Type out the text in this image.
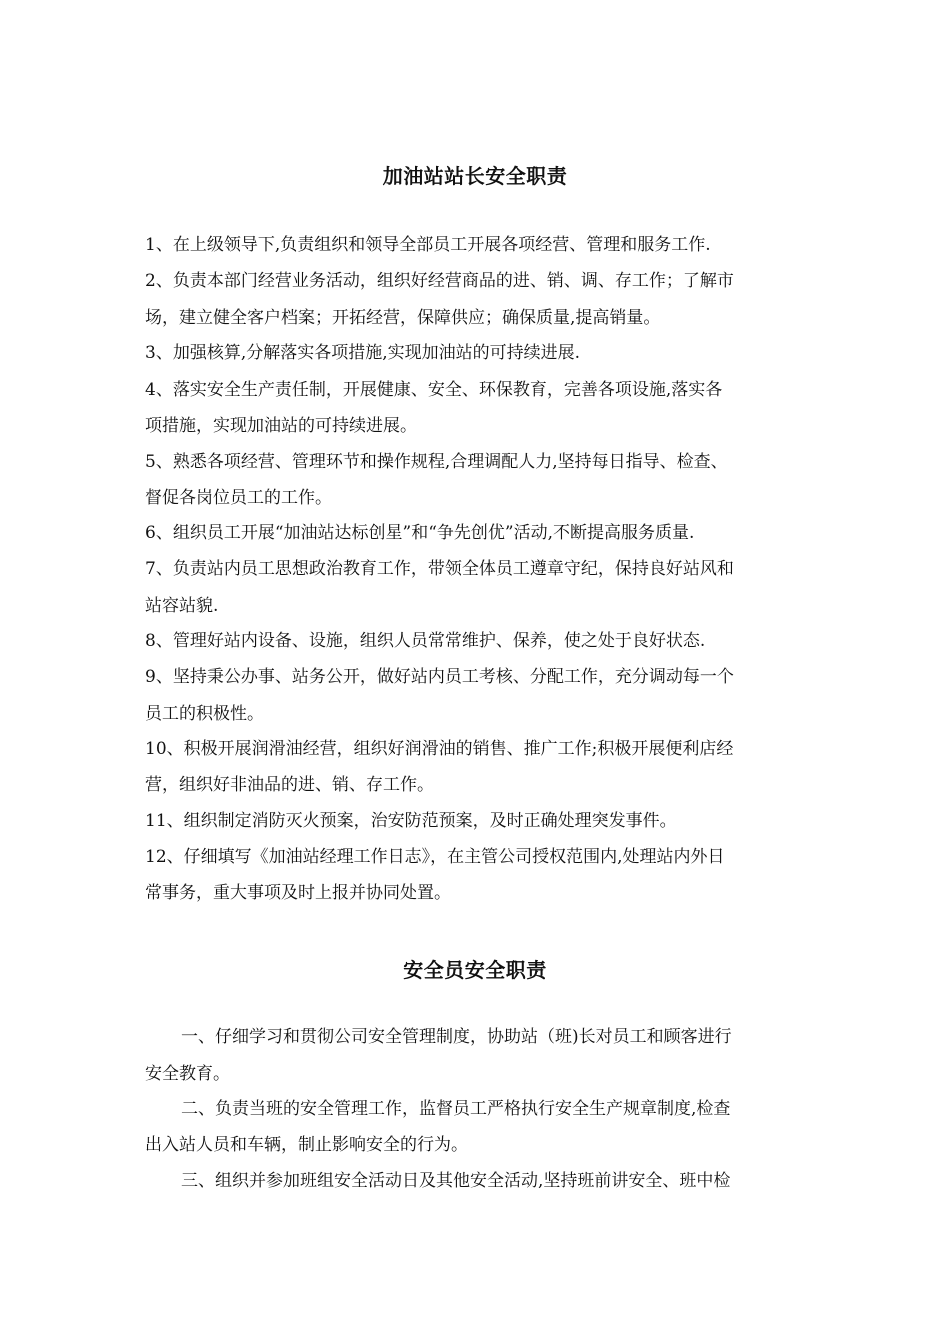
加油站站长安全职责
1、在上级领导下,负责组织和领导全部员工开展各项经营、管理和服务工作.
2、负责本部门经营业务活动，组织好经营商品的进、销、调、存工作；了解市
场，建立健全客户档案；开拓经营，保障供应；确保质量,提高销量。
3、加强核算,分解落实各项措施,实现加油站的可持续进展.
4、落实安全生产责任制，开展健康、安全、环保教育，完善各项设施,落实各
项措施，实现加油站的可持续进展。
5、熟悉各项经营、管理环节和操作规程,合理调配人力,坚持每日指导、检查、
督促各岗位员工的工作。
6、组织员工开展“加油站达标创星”和“争先创优”活动,不断提高服务质量.
7、负责站内员工思想政治教育工作，带领全体员工遵章守纪，保持良好站风和
站容站貌.
8、管理好站内设备、设施，组织人员常常维护、保养，使之处于良好状态.
9、坚持秉公办事、站务公开，做好站内员工考核、分配工作，充分调动每一个
员工的积极性。
10、积极开展润滑油经营，组织好润滑油的销售、推广工作;积极开展便利店经
营，组织好非油品的进、销、存工作。
11、组织制定消防灭火预案，治安防范预案，及时正确处理突发事件。
12、仔细填写《加油站经理工作日志》，在主管公司授权范围内,处理站内外日
常事务，重大事项及时上报并协同处置。
安全员安全职责
一、仔细学习和贯彻公司安全管理制度，协助站（班)长对员工和顾客进行
安全教育。
二、负责当班的安全管理工作，监督员工严格执行安全生产规章制度,检查
出入站人员和车辆，制止影响安全的行为。
三、组织并参加班组安全活动日及其他安全活动,坚持班前讲安全、班中检
